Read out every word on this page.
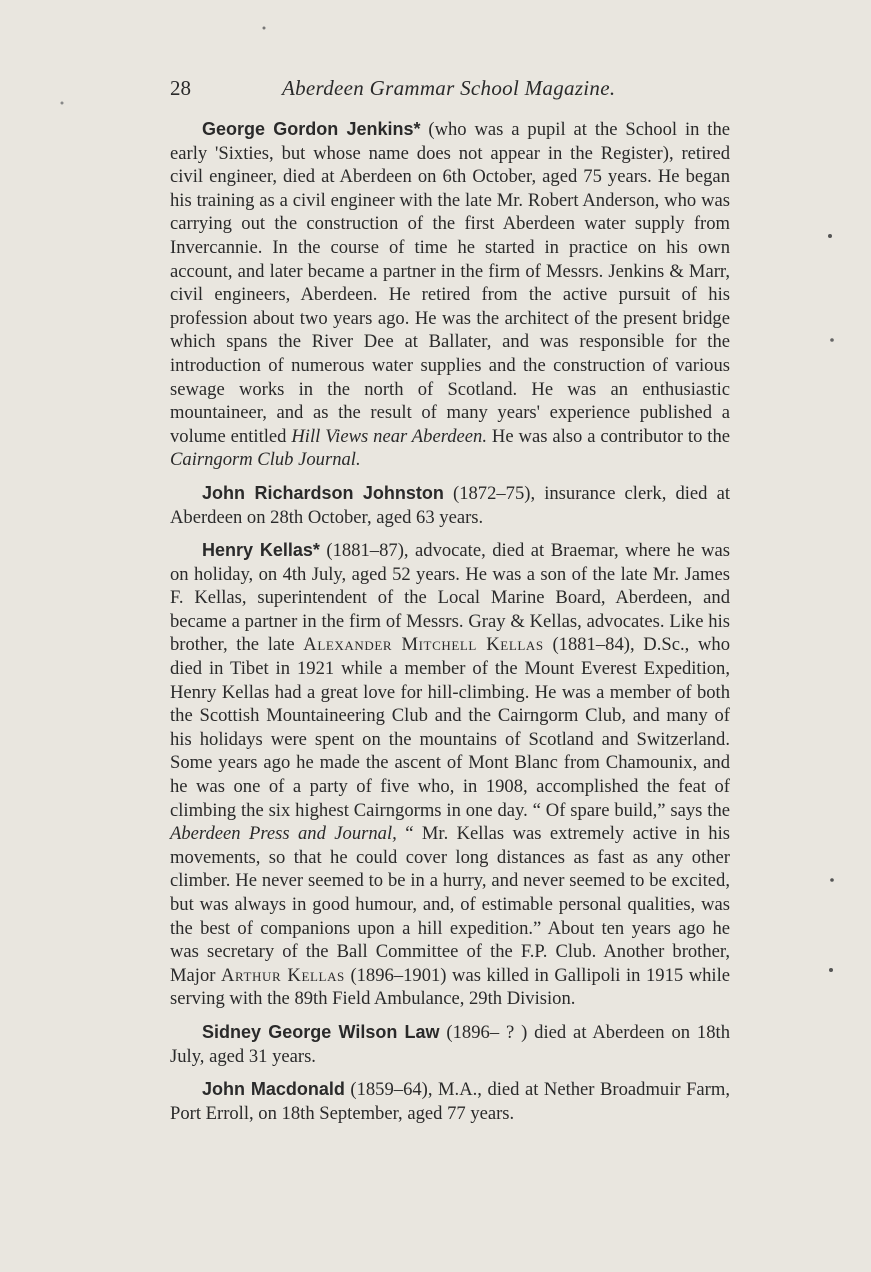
28	Aberdeen Grammar School Magazine.

George Gordon Jenkins* (who was a pupil at the School in the early 'Sixties, but whose name does not appear in the Register), retired civil engineer, died at Aberdeen on 6th October, aged 75 years. He began his training as a civil engineer with the late Mr. Robert Anderson, who was carrying out the construction of the first Aberdeen water supply from Invercannie. In the course of time he started in practice on his own account, and later became a partner in the firm of Messrs. Jenkins & Marr, civil engineers, Aberdeen. He retired from the active pursuit of his profession about two years ago. He was the architect of the present bridge which spans the River Dee at Ballater, and was responsible for the introduction of numerous water supplies and the construction of various sewage works in the north of Scotland. He was an enthusiastic mountaineer, and as the result of many years' experience published a volume entitled Hill Views near Aberdeen. He was also a contributor to the Cairngorm Club Journal.

John Richardson Johnston (1872–75), insurance clerk, died at Aberdeen on 28th October, aged 63 years.

Henry Kellas* (1881–87), advocate, died at Braemar, where he was on holiday, on 4th July, aged 52 years. He was a son of the late Mr. James F. Kellas, superintendent of the Local Marine Board, Aberdeen, and became a partner in the firm of Messrs. Gray & Kellas, advocates. Like his brother, the late Alexander Mitchell Kellas (1881–84), D.Sc., who died in Tibet in 1921 while a member of the Mount Everest Expedition, Henry Kellas had a great love for hill-climbing. He was a member of both the Scottish Mountaineering Club and the Cairngorm Club, and many of his holidays were spent on the mountains of Scotland and Switzerland. Some years ago he made the ascent of Mont Blanc from Chamounix, and he was one of a party of five who, in 1908, accomplished the feat of climbing the six highest Cairngorms in one day. “ Of spare build,” says the Aberdeen Press and Journal, “ Mr. Kellas was extremely active in his movements, so that he could cover long distances as fast as any other climber. He never seemed to be in a hurry, and never seemed to be excited, but was always in good humour, and, of estimable personal qualities, was the best of companions upon a hill expedition.” About ten years ago he was secretary of the Ball Committee of the F.P. Club. Another brother, Major Arthur Kellas (1896–1901) was killed in Gallipoli in 1915 while serving with the 89th Field Ambulance, 29th Division.

Sidney George Wilson Law (1896– ? ) died at Aberdeen on 18th July, aged 31 years.

John Macdonald (1859–64), M.A., died at Nether Broadmuir Farm, Port Erroll, on 18th September, aged 77 years.
